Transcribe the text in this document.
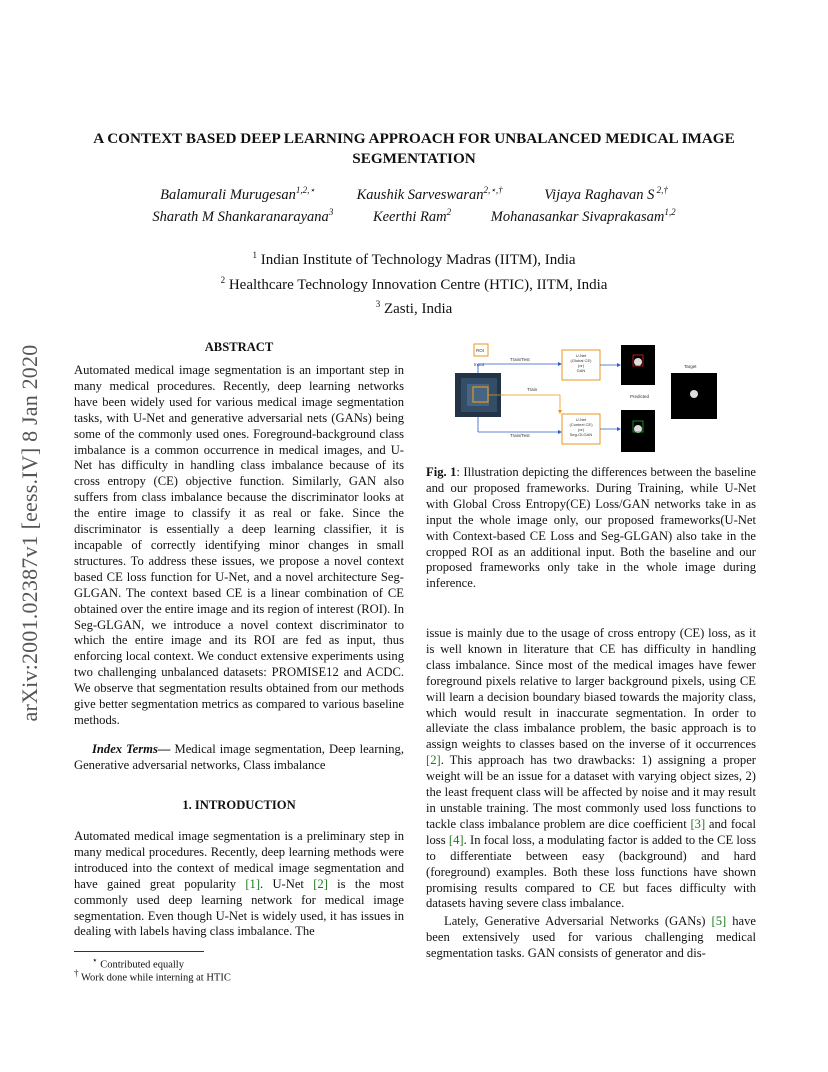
arXiv:2001.02387v1 [eess.IV] 8 Jan 2020
A CONTEXT BASED DEEP LEARNING APPROACH FOR UNBALANCED MEDICAL IMAGE SEGMENTATION
Balamurali Murugesan$^{1,2,⋆}$	Kaushik Sarveswaran$^{2,⋆,\dagger}$	Vijaya Raghavan S $^{2,\dagger}$
Sharath M Shankaranarayana$^3$	Keerthi Ram$^2$	Mohanasankar Sivaprakasam$^{1,2}$
$^1$ Indian Institute of Technology Madras (IITM), India
$^2$ Healthcare Technology Innovation Centre (HTIC), IITM, India
$^3$ Zasti, India
ABSTRACT

Automated medical image segmentation is an important step in many medical procedures. Recently, deep learning networks have been widely used for various medical image segmentation tasks, with U-Net and generative adversarial nets (GANs) being some of the commonly used ones. Foreground-background class imbalance is a common occurrence in medical images, and U-Net has difficulty in handling class imbalance because of its cross entropy (CE) objective function. Similarly, GAN also suffers from class imbalance because the discriminator looks at the entire image to classify it as real or fake. Since the discriminator is essentially a deep learning classifier, it is incapable of correctly identifying minor changes in small structures. To address these issues, we propose a novel context based CE loss function for U-Net, and a novel architecture Seg-GLGAN. The context based CE is a linear combination of CE obtained over the entire image and its region of interest (ROI). In Seg-GLGAN, we introduce a novel context discriminator to which the entire image and its ROI are fed as input, thus enforcing local context. We conduct extensive experiments using two challenging unbalanced datasets: PROMISE12 and ACDC. We observe that segmentation results obtained from our methods give better segmentation metrics as compared to various baseline methods.

Index Terms— Medical image segmentation, Deep learning, Generative adversarial networks, Class imbalance

1. INTRODUCTION

Automated medical image segmentation is a preliminary step in many medical procedures. Recently, deep learning methods were introduced into the context of medical image segmentation and have gained great popularity [ 1 ] . U-Net [ 2 ] is the most commonly used deep learning network for medical image segmentation. Even though U-Net is widely used, it has issues in dealing with labels having class imbalance. The

⋆ Contributed equally
† Work done while interning at HTIC
ROI
Input
Train/Test
Train
Train/Test
U-Net
(Global CE)
(or)
GAN
U-Net
(Context CE)
(or)
Seg-GLGAN
Predicted
Target

Fig. 1: Illustration depicting the differences between the baseline and our proposed frameworks. During Training, while U-Net with Global Cross Entropy(CE) Loss/GAN networks take in as input the whole image only, our proposed frameworks(U-Net with Context-based CE Loss and Seg-GLGAN) also take in the cropped ROI as an additional input. Both the baseline and our proposed frameworks only take in the whole image during inference.

issue is mainly due to the usage of cross entropy (CE) loss, as it is well known in literature that CE has difficulty in handling class imbalance. Since most of the medical images have fewer foreground pixels relative to larger background pixels, using CE will learn a decision boundary biased towards the majority class, which would result in inaccurate segmentation. In order to alleviate the class imbalance problem, the basic approach is to assign weights to classes based on the inverse of it occurrences [ 2 ] . This approach has two drawbacks: 1) assigning a proper weight will be an issue for a dataset with varying object sizes, 2) the least frequent class will be affected by noise and it may result in unstable training. The most commonly used loss functions to tackle class imbalance problem are dice coefficient [ 3 ] and focal loss [ 4 ] . In focal loss, a modulating factor is added to the CE loss to differentiate between easy (background) and hard (foreground) examples. Both these loss functions have shown promising results compared to CE but faces difficulty with datasets having severe class imbalance.

Lately, Generative Adversarial Networks (GANs) [ 5 ] have been extensively used for various challenging medical segmentation tasks. GAN consists of generator and dis-
